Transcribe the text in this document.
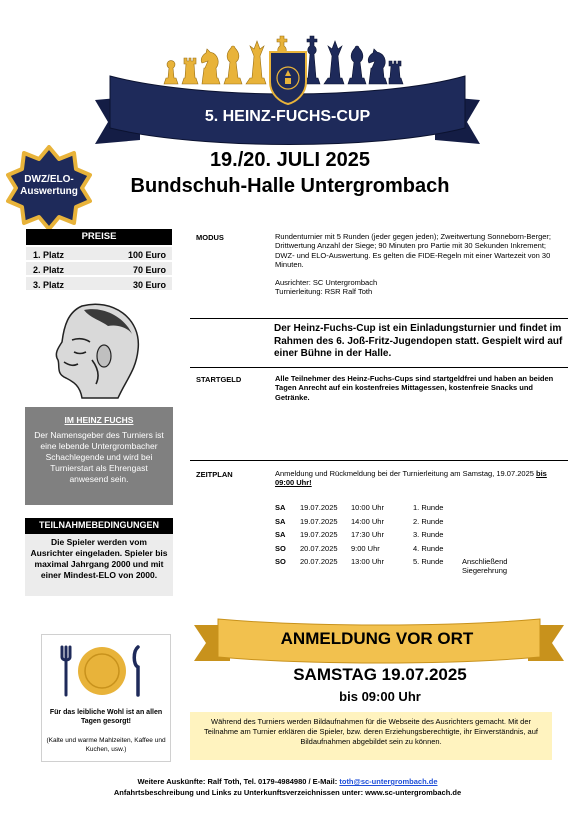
5. HEINZ-FUCHS-CUP
19./20. JULI 2025
Bundschuh-Halle Untergrombach
DWZ/ELO-Auswertung
PREISE
1. Platz	100 Euro
2. Platz	70 Euro
3. Platz	30 Euro
IM HEINZ FUCHS
Der Namensgeber des Turniers ist eine lebende Untergrombacher Schachlegende und wird bei Turnierstart als Ehrengast anwesend sein.
TEILNAHMEBEDINGUNGEN
Die Spieler werden vom Ausrichter eingeladen. Spieler bis maximal Jahrgang 2000 und mit einer Mindest-ELO von 2000.
MODUS	Rundenturnier mit 5 Runden (jeder gegen jeden); Zweitwertung Sonneborn-Berger; Drittwertung Anzahl der Siege; 90 Minuten pro Partie mit 30 Sekunden Inkrement; DWZ- und ELO-Auswertung. Es gelten die FIDE-Regeln mit einer Wartezeit von 30 Minuten.
Ausrichter: SC Untergrombach
Turnierleitung: RSR Ralf Toth
Der Heinz-Fuchs-Cup ist ein Einladungsturnier und findet im Rahmen des 6. Joß-Fritz-Jugendopen statt. Gespielt wird auf einer Bühne in der Halle.
STARTGELD	Alle Teilnehmer des Heinz-Fuchs-Cups sind startgeldfrei und haben an beiden Tagen Anrecht auf ein kostenfreies Mittagessen, kostenfreie Snacks und Getränke.
ZEITPLAN	Anmeldung und Rückmeldung bei der Turnierleitung am Samstag, 19.07.2025 bis 09:00 Uhr!
SA	19.07.2025	10:00 Uhr	1. Runde
SA	19.07.2025	14:00 Uhr	2. Runde
SA	19.07.2025	17:30 Uhr	3. Runde
SO	20.07.2025	9:00 Uhr	4. Runde
SO	20.07.2025	13:00 Uhr	5. Runde	Anschließend Siegerehrung
Für das leibliche Wohl ist an allen Tagen gesorgt!
(Kalte und warme Mahlzeiten, Kaffee und Kuchen, usw.)
ANMELDUNG VOR ORT
SAMSTAG 19.07.2025
bis 09:00 Uhr
Während des Turniers werden Bildaufnahmen für die Webseite des Ausrichters gemacht. Mit der Teilnahme am Turnier erklären die Spieler, bzw. deren Erziehungsberechtigte, ihr Einverständnis, auf Bildaufnahmen abgebildet sein zu können.
Weitere Auskünfte: Ralf Toth, Tel. 0179-4984980 / E-Mail: toth@sc-untergrombach.de
Anfahrtsbeschreibung und Links zu Unterkunftsverzeichnissen unter: www.sc-untergrombach.de
